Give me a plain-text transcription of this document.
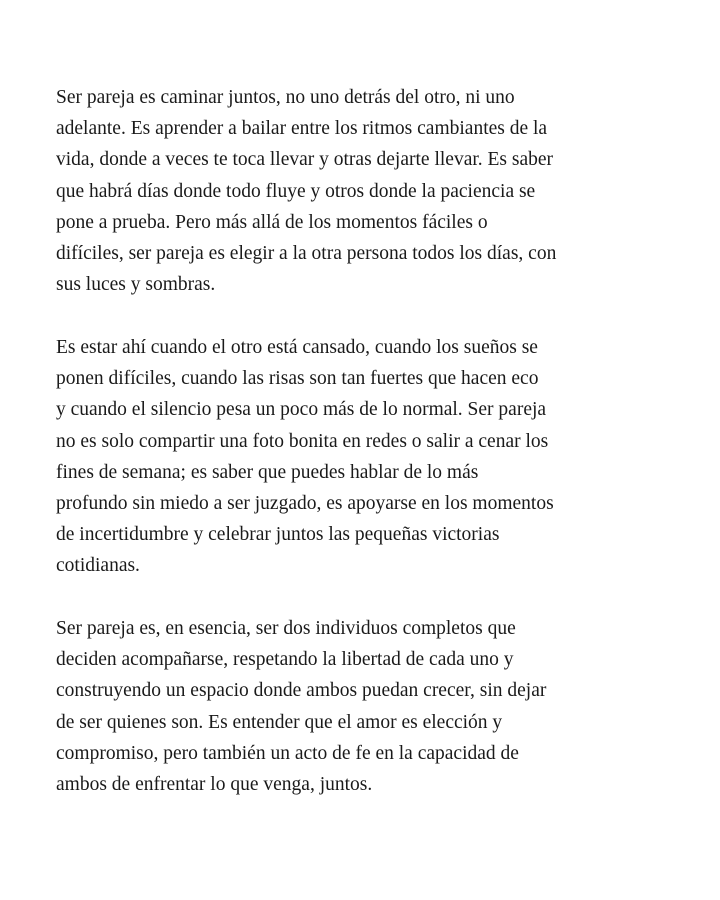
Ser pareja es caminar juntos, no uno detrás del otro, ni uno
adelante. Es aprender a bailar entre los ritmos cambiantes de la
vida, donde a veces te toca llevar y otras dejarte llevar. Es saber
que habrá días donde todo fluye y otros donde la paciencia se
pone a prueba. Pero más allá de los momentos fáciles o
difíciles, ser pareja es elegir a la otra persona todos los días, con
sus luces y sombras.

Es estar ahí cuando el otro está cansado, cuando los sueños se
ponen difíciles, cuando las risas son tan fuertes que hacen eco
y cuando el silencio pesa un poco más de lo normal. Ser pareja
no es solo compartir una foto bonita en redes o salir a cenar los
fines de semana; es saber que puedes hablar de lo más
profundo sin miedo a ser juzgado, es apoyarse en los momentos
de incertidumbre y celebrar juntos las pequeñas victorias
cotidianas.

Ser pareja es, en esencia, ser dos individuos completos que
deciden acompañarse, respetando la libertad de cada uno y
construyendo un espacio donde ambos puedan crecer, sin dejar
de ser quienes son. Es entender que el amor es elección y
compromiso, pero también un acto de fe en la capacidad de
ambos de enfrentar lo que venga, juntos.
